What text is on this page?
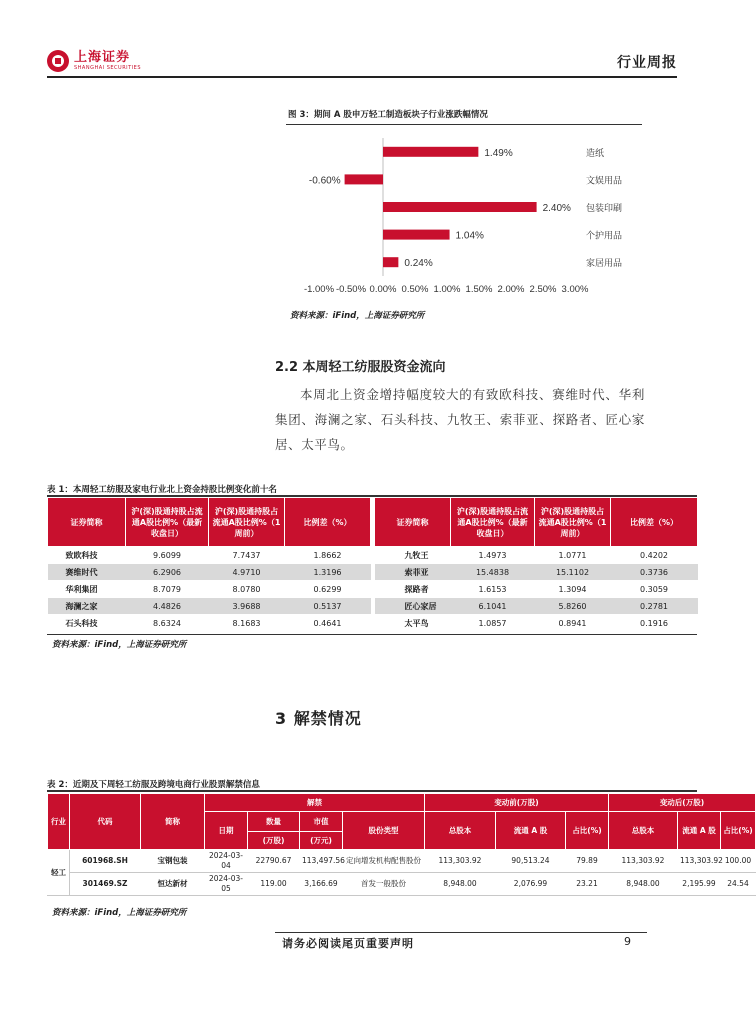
上海证券
SHANGHAI SECURITIES	行业周报
图 3：期间 A 股申万轻工制造板块子行业涨跌幅情况
1.49%	造纸
-0.60%	文娱用品
2.40% 包装印刷
1.04%	个护用品
0.24%	家居用品
-1.00% -0.50% 0.00% 0.50% 1.00% 1.50% 2.00% 2.50% 3.00%
资料来源：iFind，上海证券研究所
2.2 本周轻工纺服股资金流向
本周北上资金增持幅度较大的有致欧科技、赛维时代、华利集团、海澜之家、石头科技、九牧王、索菲亚、探路者、匠心家居、太平鸟。
表 1：本周轻工纺服及家电行业北上资金持股比例变化前十名
证券简称	沪(深)股通持股占流通A股比例%（最新收盘日）	沪(深)股通持股占流通A股比例%（1周前）	比例差（%）		证券简称	沪(深)股通持股占流通A股比例%（最新收盘日）	沪(深)股通持股占流通A股比例%（1周前）	比例差（%）
致欧科技	9.6099	7.7437	1.8662		九牧王	1.4973	1.0771	0.4202
赛维时代	6.2906	4.9710	1.3196		索菲亚	15.4838	15.1102	0.3736
华利集团	8.7079	8.0780	0.6299		探路者	1.6153	1.3094	0.3059
海澜之家	4.4826	3.9688	0.5137		匠心家居	6.1041	5.8260	0.2781
石头科技	8.6324	8.1683	0.4641		太平鸟	1.0857	0.8941	0.1916
资料来源：iFind，上海证券研究所
3 解禁情况
表 2：近期及下周轻工纺服及跨境电商行业股票解禁信息
行业	代码	简称	解禁				变动前(万股)			变动后(万股)		
			日期	数量	市值	股份类型	总股本	流通 A 股	占比(%)	总股本	流通 A 股	占比(%)
				(万股)	(万元)							
轻工	601968.SH	宝钢包装	2024-03-04	22790.67	113,497.56	定向增发机构配售股份	113,303.92	90,513.24	79.89	113,303.92	113,303.92	100.00
	301469.SZ	恒达新材	2024-03-05	119.00	3,166.69	首发一般股份	8,948.00	2,076.99	23.21	8,948.00	2,195.99	24.54
资料来源：iFind，上海证券研究所
请务必阅读尾页重要声明	9
